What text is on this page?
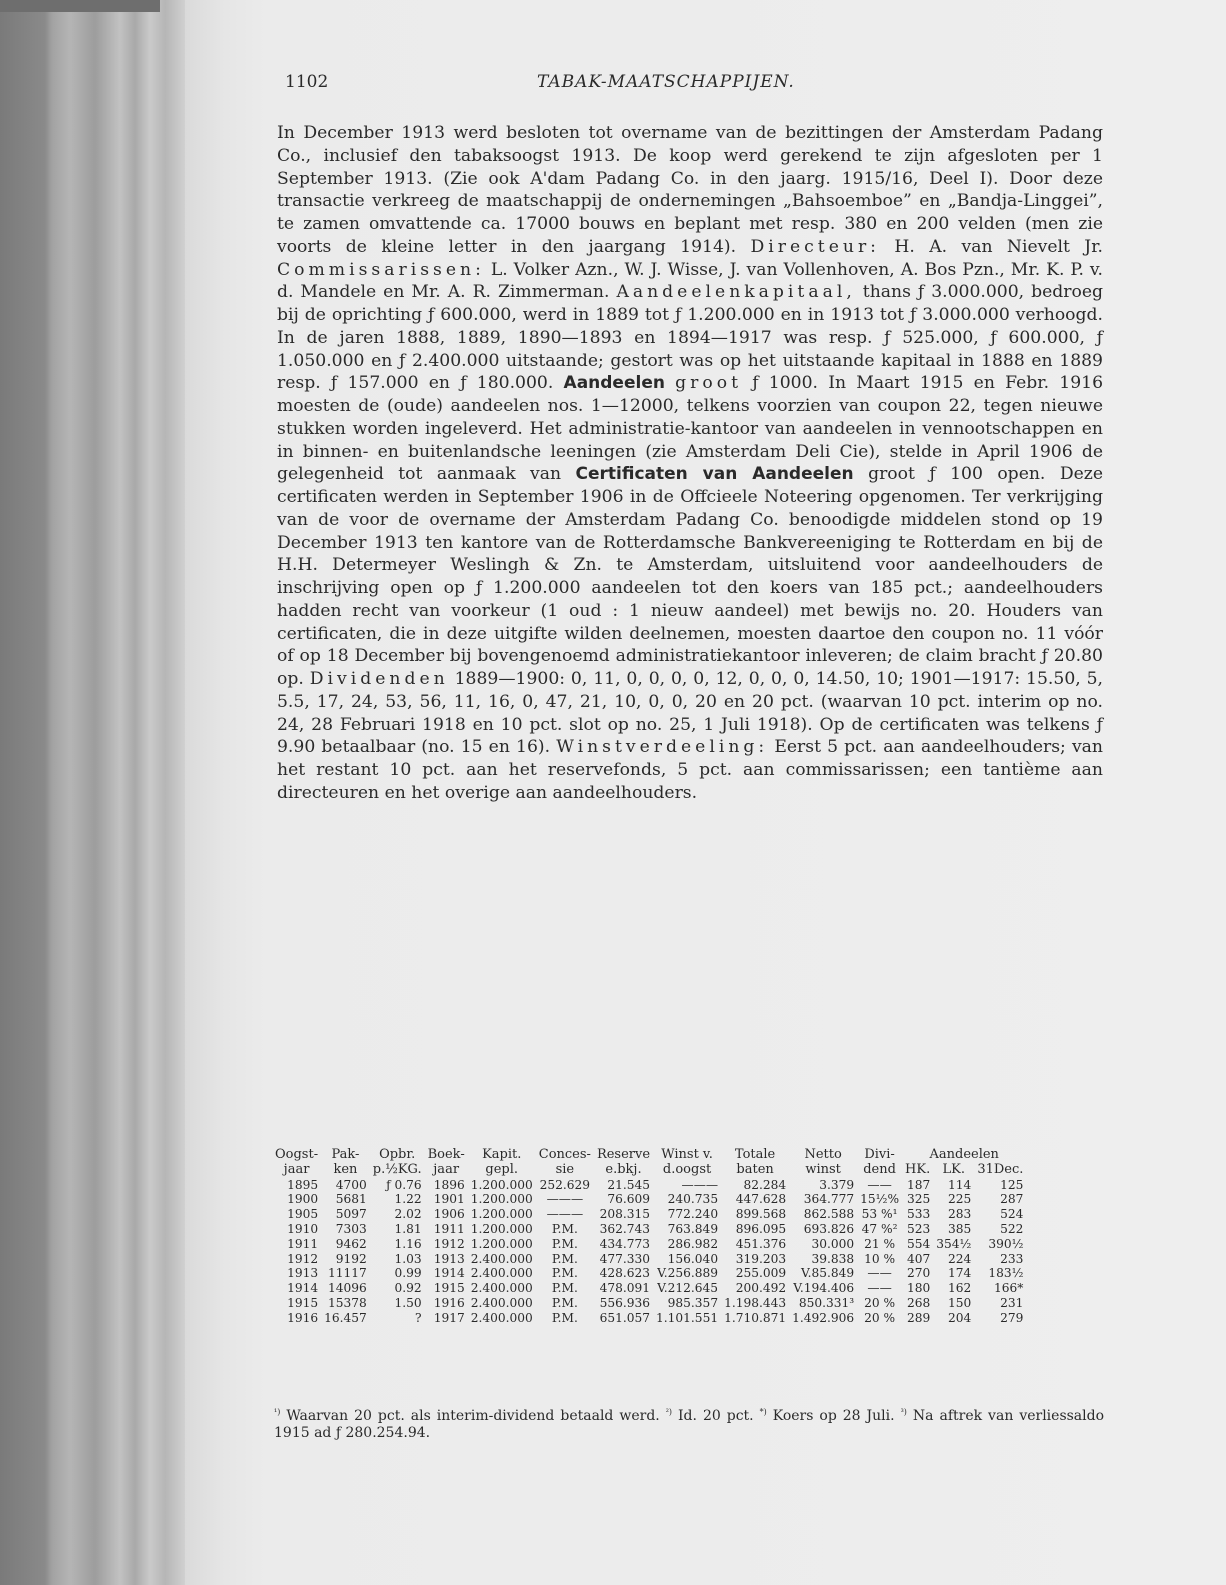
1102	TABAK-MAATSCHAPPIJEN.

In December 1913 werd besloten tot overname van de bezittingen der Amsterdam Padang Co., inclusief den tabaksoogst 1913. De koop werd gerekend te zijn afgesloten per 1 September 1913. (Zie ook A'dam Padang Co. in den jaarg. 1915/16, Deel I). Door deze transactie verkreeg de maatschappij de ondernemingen „Bahsoemboe” en „Bandja-Linggei”, te zamen omvattende ca. 17000 bouws en beplant met resp. 380 en 200 velden (men zie voorts de kleine letter in den jaargang 1914). Directeur: H. A. van Nievelt Jr. Commissarissen: L. Volker Azn., W. J. Wisse, J. van Vollenhoven, A. Bos Pzn., Mr. K. P. v. d. Mandele en Mr. A. R. Zimmerman. Aandeelenkapitaal, thans ƒ 3.000.000, bedroeg bij de oprichting ƒ 600.000, werd in 1889 tot ƒ 1.200.000 en in 1913 tot ƒ 3.000.000 verhoogd. In de jaren 1888, 1889, 1890—1893 en 1894—1917 was resp. ƒ 525.000, ƒ 600.000, ƒ 1.050.000 en ƒ 2.400.000 uitstaande; gestort was op het uitstaande kapitaal in 1888 en 1889 resp. ƒ 157.000 en ƒ 180.000. Aandeelen groot ƒ 1000. In Maart 1915 en Febr. 1916 moesten de (oude) aandeelen nos. 1—12000, telkens voorzien van coupon 22, tegen nieuwe stukken worden ingeleverd. Het administratie-kantoor van aandeelen in vennootschappen en in binnen- en buitenlandsche leeningen (zie Amsterdam Deli Cie), stelde in April 1906 de gelegenheid tot aanmaak van Certificaten van Aandeelen groot ƒ 100 open. Deze certificaten werden in September 1906 in de Offcieele Noteering opgenomen. Ter verkrijging van de voor de overname der Amsterdam Padang Co. benoodigde middelen stond op 19 December 1913 ten kantore van de Rotterdamsche Bankvereeniging te Rotterdam en bij de H.H. Determeyer Weslingh & Zn. te Amsterdam, uitsluitend voor aandeelhouders de inschrijving open op ƒ 1.200.000 aandeelen tot den koers van 185 pct.; aandeelhouders hadden recht van voorkeur (1 oud : 1 nieuw aandeel) met bewijs no. 20. Houders van certificaten, die in deze uitgifte wilden deelnemen, moesten daartoe den coupon no. 11 vóór of op 18 December bij bovengenoemd administratiekantoor inleveren; de claim bracht ƒ 20.80 op. Dividenden 1889—1900: 0, 11, 0, 0, 0, 0, 12, 0, 0, 0, 14.50, 10; 1901—1917: 15.50, 5, 5.5, 17, 24, 53, 56, 11, 16, 0, 47, 21, 10, 0, 0, 20 en 20 pct. (waarvan 10 pct. interim op no. 24, 28 Februari 1918 en 10 pct. slot op no. 25, 1 Juli 1918). Op de certificaten was telkens ƒ 9.90 betaalbaar (no. 15 en 16). Winstverdeeling: Eerst 5 pct. aan aandeelhouders; van het restant 10 pct. aan het reservefonds, 5 pct. aan commissarissen; een tantième aan directeuren en het overige aan aandeelhouders.

Oogst-	Pak-	Opbr.	Boek-	Kapit.	Conces-	Reserve	Winst v.	Totale	Netto	Divi-	Aandeelen		
jaar	ken	p.½KG.	jaar	gepl.	sie	e.bkj.	d.oogst	baten	winst	dend	HK.	LK.	31Dec.
1895	4700	ƒ 0.76	1896	1.200.000	252.629	21.545	———	82.284	3.379	——	187	114	125
1900	5681	1.22	1901	1.200.000	———	76.609	240.735	447.628	364.777	15½%	325	225	287
1905	5097	2.02	1906	1.200.000	———	208.315	772.240	899.568	862.588	53 %¹	533	283	524
1910	7303	1.81	1911	1.200.000	P.M.	362.743	763.849	896.095	693.826	47 %²	523	385	522
1911	9462	1.16	1912	1.200.000	P.M.	434.773	286.982	451.376	30.000	21 %	554	354½	390½
1912	9192	1.03	1913	2.400.000	P.M.	477.330	156.040	319.203	39.838	10 %	407	224	233
1913	11117	0.99	1914	2.400.000	P.M.	428.623	V.256.889	255.009	V.85.849	——	270	174	183½
1914	14096	0.92	1915	2.400.000	P.M.	478.091	V.212.645	200.492	V.194.406	——	180	162	166*
1915	15378	1.50	1916	2.400.000	P.M.	556.936	985.357	1.198.443	850.331³	20 %	268	150	231
1916	16.457	?	1917	2.400.000	P.M.	651.057	1.101.551	1.710.871	1.492.906	20 %	289	204	279
$^{^1)}$ Waarvan 20 pct. als interim-dividend betaald werd. $^{^2)}$ Id. 20 pct. *) Koers op 28 Juli. $^{^3)}$ Na aftrek van verliessaldo 1915 ad ƒ 280.254.94.
